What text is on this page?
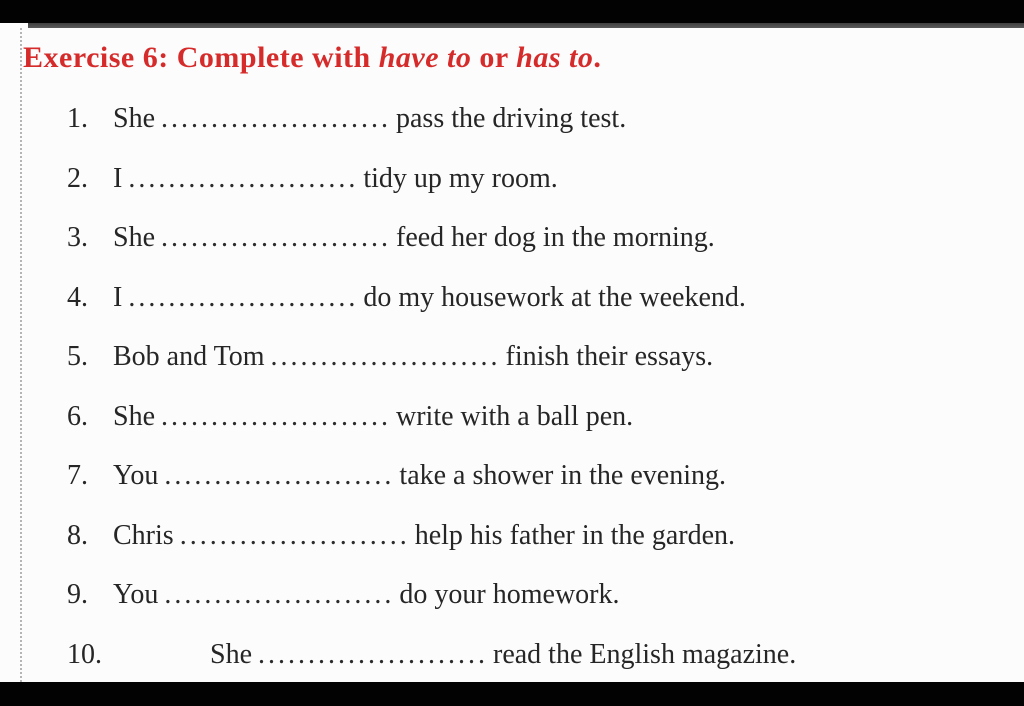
Exercise 6: Complete with have to or has to.
1. She ....................... pass the driving test.
2. I ....................... tidy up my room.
3. She ....................... feed her dog in the morning.
4. I ....................... do my housework at the weekend.
5. Bob and Tom ....................... finish their essays.
6. She ....................... write with a ball pen.
7. You ....................... take a shower in the evening.
8. Chris ....................... help his father in the garden.
9. You ....................... do your homework.
10.	She ....................... read the English magazine.
